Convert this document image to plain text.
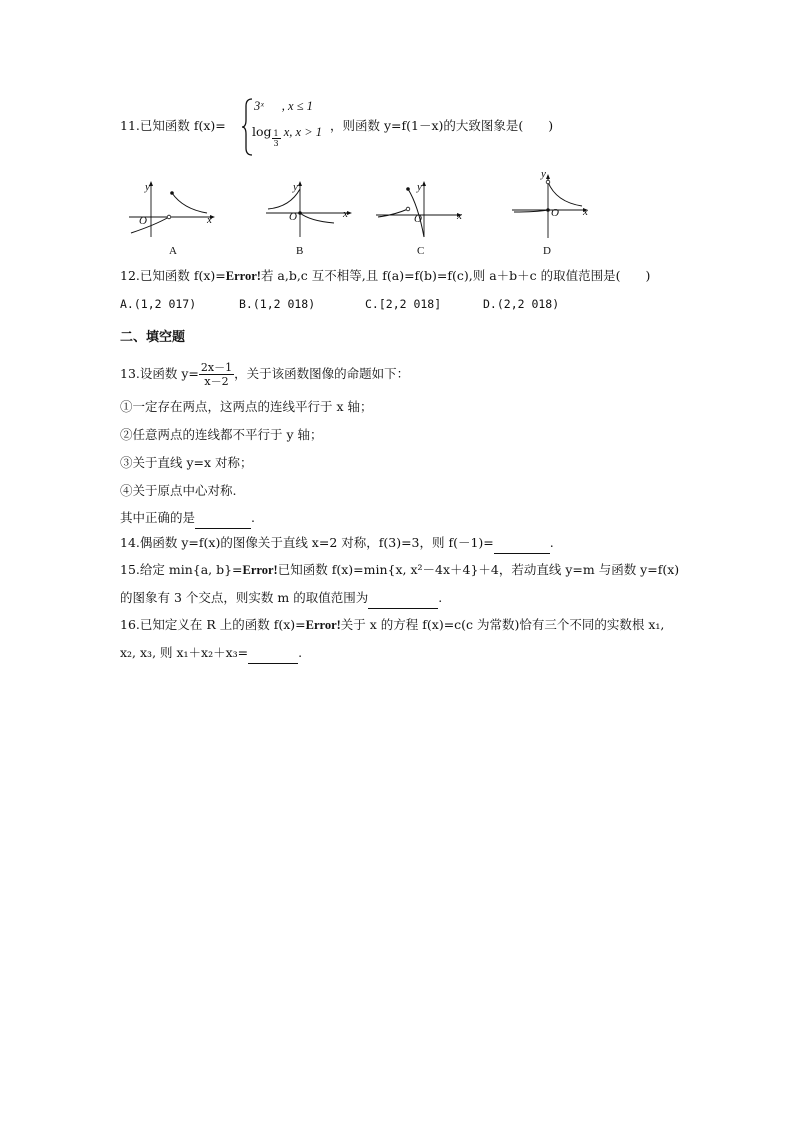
11.已知函数 f(x)=
3ˣ , x ≤ 1
$\log \frac{1}{3} x$, x > 1 ，则函数 y=f(1－x)的大致图象是(　　)
y
x
O
A
y
x
O
B
y
x
O
C
y
x
O
D
12.已知函数 f(x)=Error!若 a,b,c 互不相等,且 f(a)=f(b)=f(c),则 a＋b＋c 的取值范围是(　　)
A.(1,2 017)	B.(1,2 018)	C.[2,2 018]	D.(2,2 018)
二、填空题
13.设函数 $y= \frac{2x-1}{x-2}$ ，关于该函数图像的命题如下：
①一定存在两点，这两点的连线平行于 x 轴；
②任意两点的连线都不平行于 y 轴；
③关于直线 y=x 对称；
④关于原点中心对称.
其中正确的是	.
14.偶函数 y=f(x)的图像关于直线 x=2 对称，f(3)=3，则 f(－1)=	.
15.给定 min{a, b}=Error!已知函数 f(x)=min{x, x²－4x＋4}＋4，若动直线 y=m 与函数 y=f(x)
的图象有 3 个交点，则实数 m 的取值范围为	.
16.已知定义在 R 上的函数 f(x)=Error!关于 x 的方程 f(x)=c(c 为常数)恰有三个不同的实数根 x₁,
x₂, x₃, 则 x₁＋x₂＋x₃=	.
